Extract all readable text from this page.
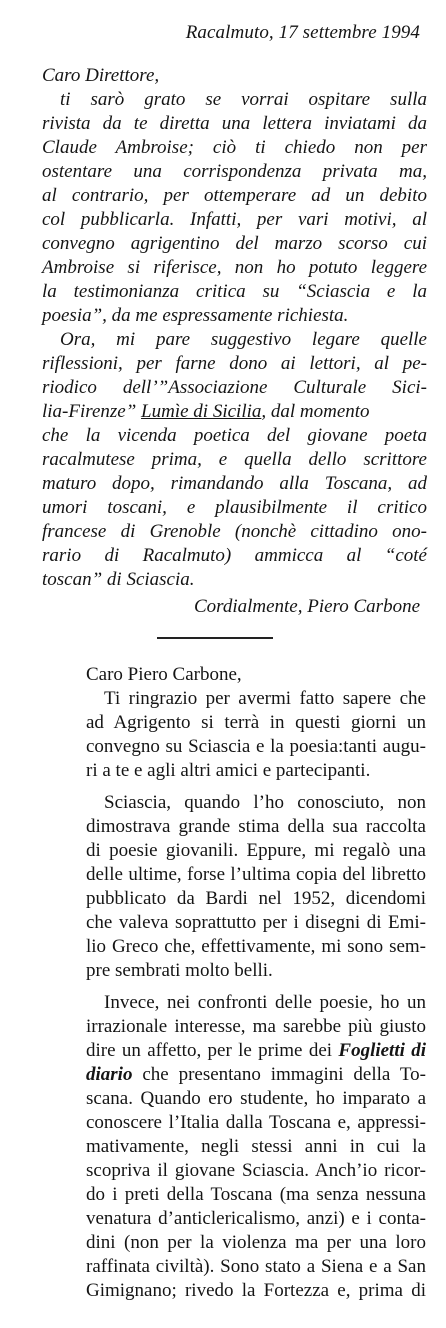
Racalmuto, 17 settembre 1994
Caro Direttore,
ti sarò grato se vorrai ospitare sulla
rivista da te diretta una lettera inviatami da
Claude Ambroise; ciò ti chiedo non per
ostentare una corrispondenza privata ma,
al contrario, per ottemperare ad un debito
col pubblicarla. Infatti, per vari motivi, al
convegno agrigentino del marzo scorso cui
Ambroise si riferisce, non ho potuto leggere
la testimonianza critica su “Sciascia e la
poesia”, da me espressamente richiesta.
Ora, mi pare suggestivo legare quelle
riflessioni, per farne dono ai lettori, al pe-
riodico dell’”Associazione Culturale Sici-
lia-Firenze” Lumìe di Sicilia, dal momento
che la vicenda poetica del giovane poeta
racalmutese prima, e quella dello scrittore
maturo dopo, rimandando alla Toscana, ad
umori toscani, e plausibilmente il critico
francese di Grenoble (nonchè cittadino ono-
rario di Racalmuto) ammicca al “coté
toscan” di Sciascia.
Cordialmente, Piero Carbone
Caro Piero Carbone,
Ti ringrazio per avermi fatto sapere che
ad Agrigento si terrà in questi giorni un
convegno su Sciascia e la poesia:tanti augu-
ri a te e agli altri amici e partecipanti.
Sciascia, quando l’ho conosciuto, non
dimostrava grande stima della sua raccolta
di poesie giovanili. Eppure, mi regalò una
delle ultime, forse l’ultima copia del libretto
pubblicato da Bardi nel 1952, dicendomi
che valeva soprattutto per i disegni di Emi-
lio Greco che, effettivamente, mi sono sem-
pre sembrati molto belli.
Invece, nei confronti delle poesie, ho un
irrazionale interesse, ma sarebbe più giusto
dire un affetto, per le prime dei Foglietti di
diario che presentano immagini della To-
scana. Quando ero studente, ho imparato a
conoscere l’Italia dalla Toscana e, appressi-
mativamente, negli stessi anni in cui la
scopriva il giovane Sciascia. Anch’io ricor-
do i preti della Toscana (ma senza nessuna
venatura d’anticlericalismo, anzi) e i conta-
dini (non per la violenza ma per una loro
raffinata civiltà). Sono stato a Siena e a San
Gimignano; rivedo la Fortezza e, prima di
